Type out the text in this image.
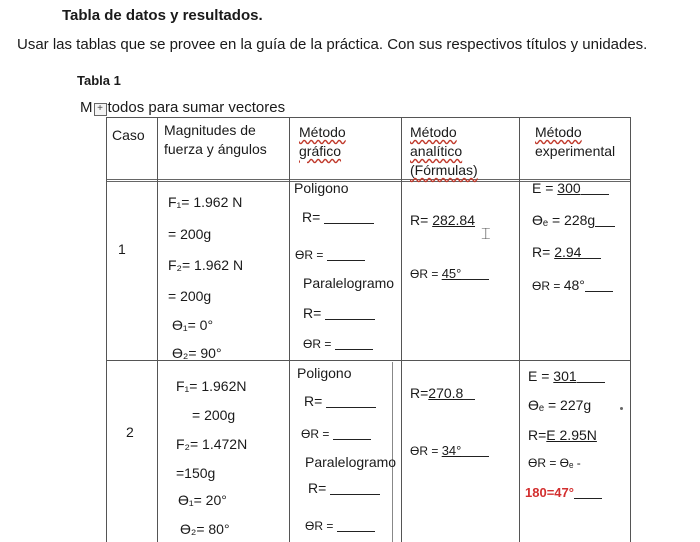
Tabla de datos y resultados.
Usar las tablas que se provee en la guía de la práctica. Con sus respectivos títulos y unidades.
Tabla 1
M + todos para sumar vectores
Caso Magnitudes de
fuerza y ángulos
Método
gráfico
Método
analítico
(Fórmulas)
Método
experimental
1
F₁= 1.962 N
= 200g
F₂= 1.962 N
= 200g
ϴ₁= 0°
ϴ₂= 90°
Poligono
R=
ϴR =
Paralelogramo
R=
ϴR =
R= 282.84
⌶
ϴR = 45°
E = 300
ϴₑ = 228g
R= 2.94
ϴR = 48°
2
F₁= 1.962N
= 200g
F₂= 1.472N
=150g
ϴ₁= 20°
ϴ₂= 80°
Poligono
R=
ϴR =
Paralelogramo
R=
ϴR =
R=270.8
ϴR = 34°
E = 301
ϴₑ = 227g
R=E 2.95N
ϴR = ϴₑ -
180=47°
